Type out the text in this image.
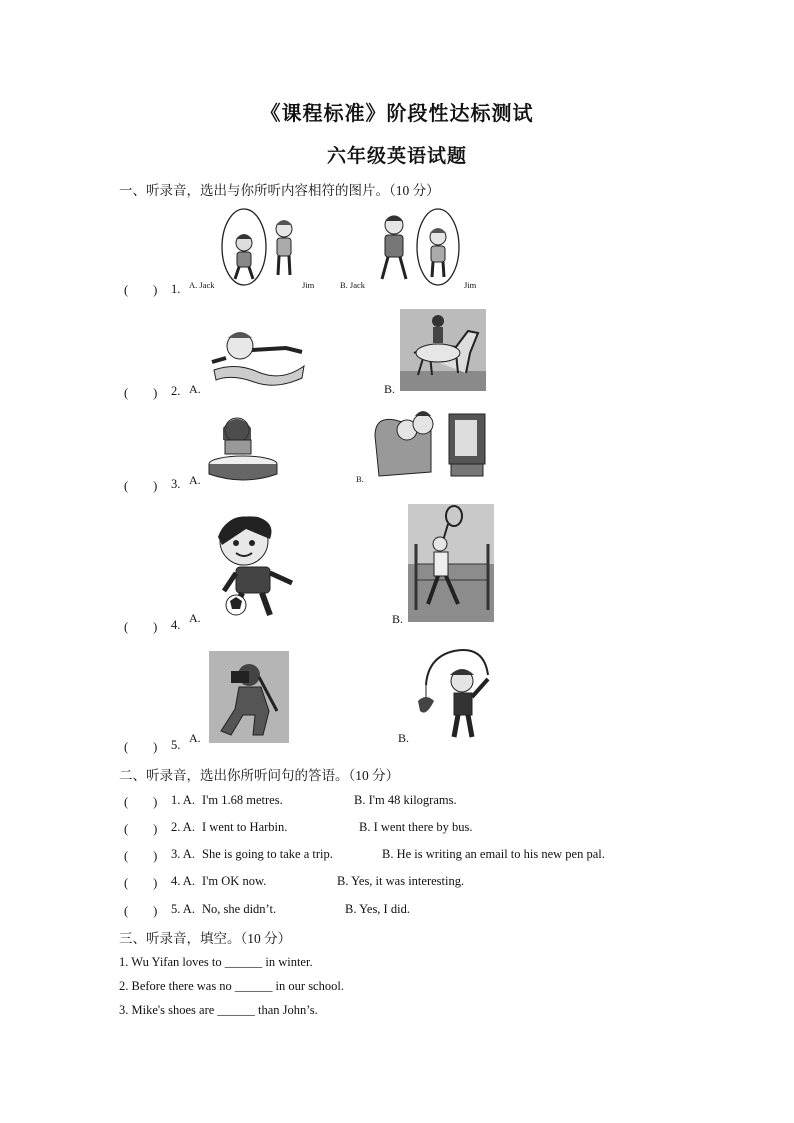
《课程标准》阶段性达标测试
六年级英语试题
一、听录音，选出与你所听内容相符的图片。（10 分）
(　　) 1. A. Jack	Jim	B. Jack	Jim
(　　) 2. A.	B.
(　　) 3. A.	B.
(　　) 4. A.	B.
(　　) 5. A.	B.
二、听录音，选出你所听问句的答语。（10 分）
(　　) 1. A. I'm 1.68 metres.	B. I'm 48 kilograms.
(　　) 2. A. I went to Harbin.	B. I went there by bus.
(　　) 3. A. She is going to take a trip.	B. He is writing an email to his new pen pal.
(　　) 4. A. I'm OK now.	B. Yes, it was interesting.
(　　) 5. A. No, she didn’t.	B. Yes, I did.
三、听录音，填空。（10 分）
1. Wu Yifan loves to ______ in winter.
2. Before there was no ______ in our school.
3. Mike's shoes are ______ than John’s.
